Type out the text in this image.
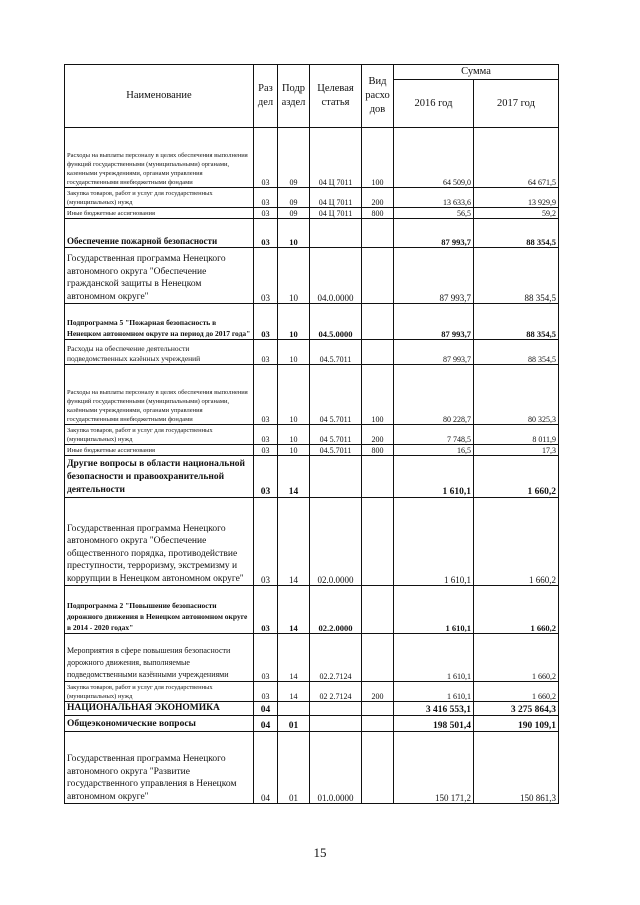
Наименование	Раз дел	Подр аздел	Целевая статья	Вид расхо дов	Сумма	
					2016 год	2017 год
Расходы на выплаты персоналу в целях обеспечения выполнения функций государственными (муниципальными) органами, казенными учреждениями, органами управления государственными внебюджетными фондами	03	09	04 Ц 7011	100	64 509,0	64 671,5
Закупка товаров, работ и услуг для государственных (муниципальных) нужд	03	09	04 Ц 7011	200	13 633,6	13 929,9
Иные бюджетные ассигнования	03	09	04 Ц 7011	800	56,5	59,2
Обеспечение пожарной безопасности	03	10			87 993,7	88 354,5
Государственная программа Ненецкого автономного округа "Обеспечение гражданской защиты в Ненецком автономном округе"	03	10	04.0.0000		87 993,7	88 354,5
Подпрограмма 5 "Пожарная безопасность в Ненецком автономном округе на период до 2017 года"	03	10	04.5.0000		87 993,7	88 354,5
Расходы на обеспечение деятельности подведомственных казённых учреждений	03	10	04.5.7011		87 993,7	88 354,5
Расходы на выплаты персоналу в целях обеспечения выполнения функций государственными (муниципальными) органами, казёнными учреждениями, органами управления государственными внебюджетными фондами	03	10	04 5.7011	100	80 228,7	80 325,3
Закупка товаров, работ и услуг для государственных (муниципальных) нужд	03	10	04 5.7011	200	7 748,5	8 011,9
Иные бюджетные ассигнования	03	10	04.5.7011	800	16,5	17,3
Другие вопросы в области национальной безопасности и правоохранительной деятельности	03	14			1 610,1	1 660,2
Государственная программа Ненецкого автономного округа "Обеспечение общественного порядка, противодействие преступности, терроризму, экстремизму и коррупции в Ненецком автономном округе"	03	14	02.0.0000		1 610,1	1 660,2
Подпрограмма 2 "Повышение безопасности дорожного движения в Ненецком автономном округе в 2014 - 2020 годах"	03	14	02.2.0000		1 610,1	1 660,2
Мероприятия в сфере повышения безопасности дорожного движения, выполняемые подведомственными казёнными учреждениями	03	14	02.2.7124		1 610,1	1 660,2
Закупка товаров, работ и услуг для государственных (муниципальных) нужд	03	14	02 2.7124	200	1 610,1	1 660,2
НАЦИОНАЛЬНАЯ ЭКОНОМИКА	04				3 416 553,1	3 275 864,3
Общеэкономические вопросы	04	01			198 501,4	190 109,1
Государственная программа Ненецкого автономного округа "Развитие государственного управления в Ненецком автономном округе"	04	01	01.0.0000		150 171,2	150 861,3
15
